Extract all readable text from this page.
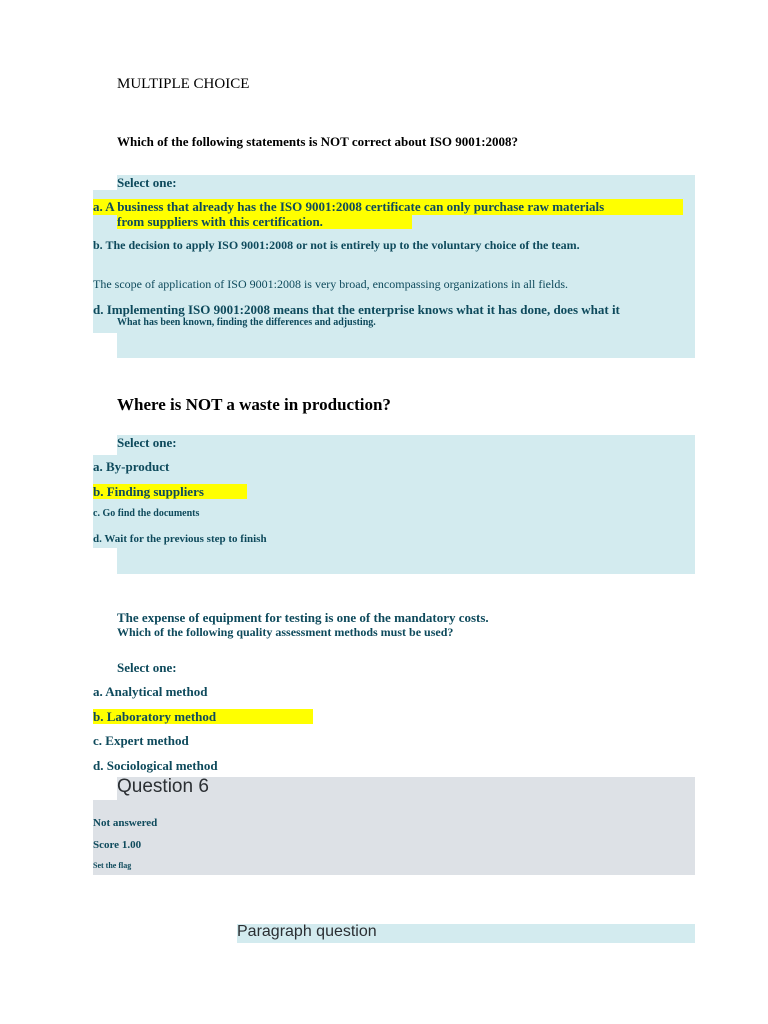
MULTIPLE CHOICE
Which of the following statements is NOT correct about ISO 9001:2008?
Select one:
a. A business that already has the ISO 9001:2008 certificate can only purchase raw materials
from suppliers with this certification.
b. The decision to apply ISO 9001:2008 or not is entirely up to the voluntary choice of the team.
The scope of application of ISO 9001:2008 is very broad, encompassing organizations in all fields.
d. Implementing ISO 9001:2008 means that the enterprise knows what it has done, does what it
What has been known, finding the differences and adjusting.
Where is NOT a waste in production?
Select one:
a. By-product
b. Finding suppliers
c. Go find the documents
d. Wait for the previous step to finish
The expense of equipment for testing is one of the mandatory costs.
Which of the following quality assessment methods must be used?
Select one:
a. Analytical method
b. Laboratory method
c. Expert method
d. Sociological method
Question 6
Not answered
Score 1.00
Set the flag
Paragraph question
